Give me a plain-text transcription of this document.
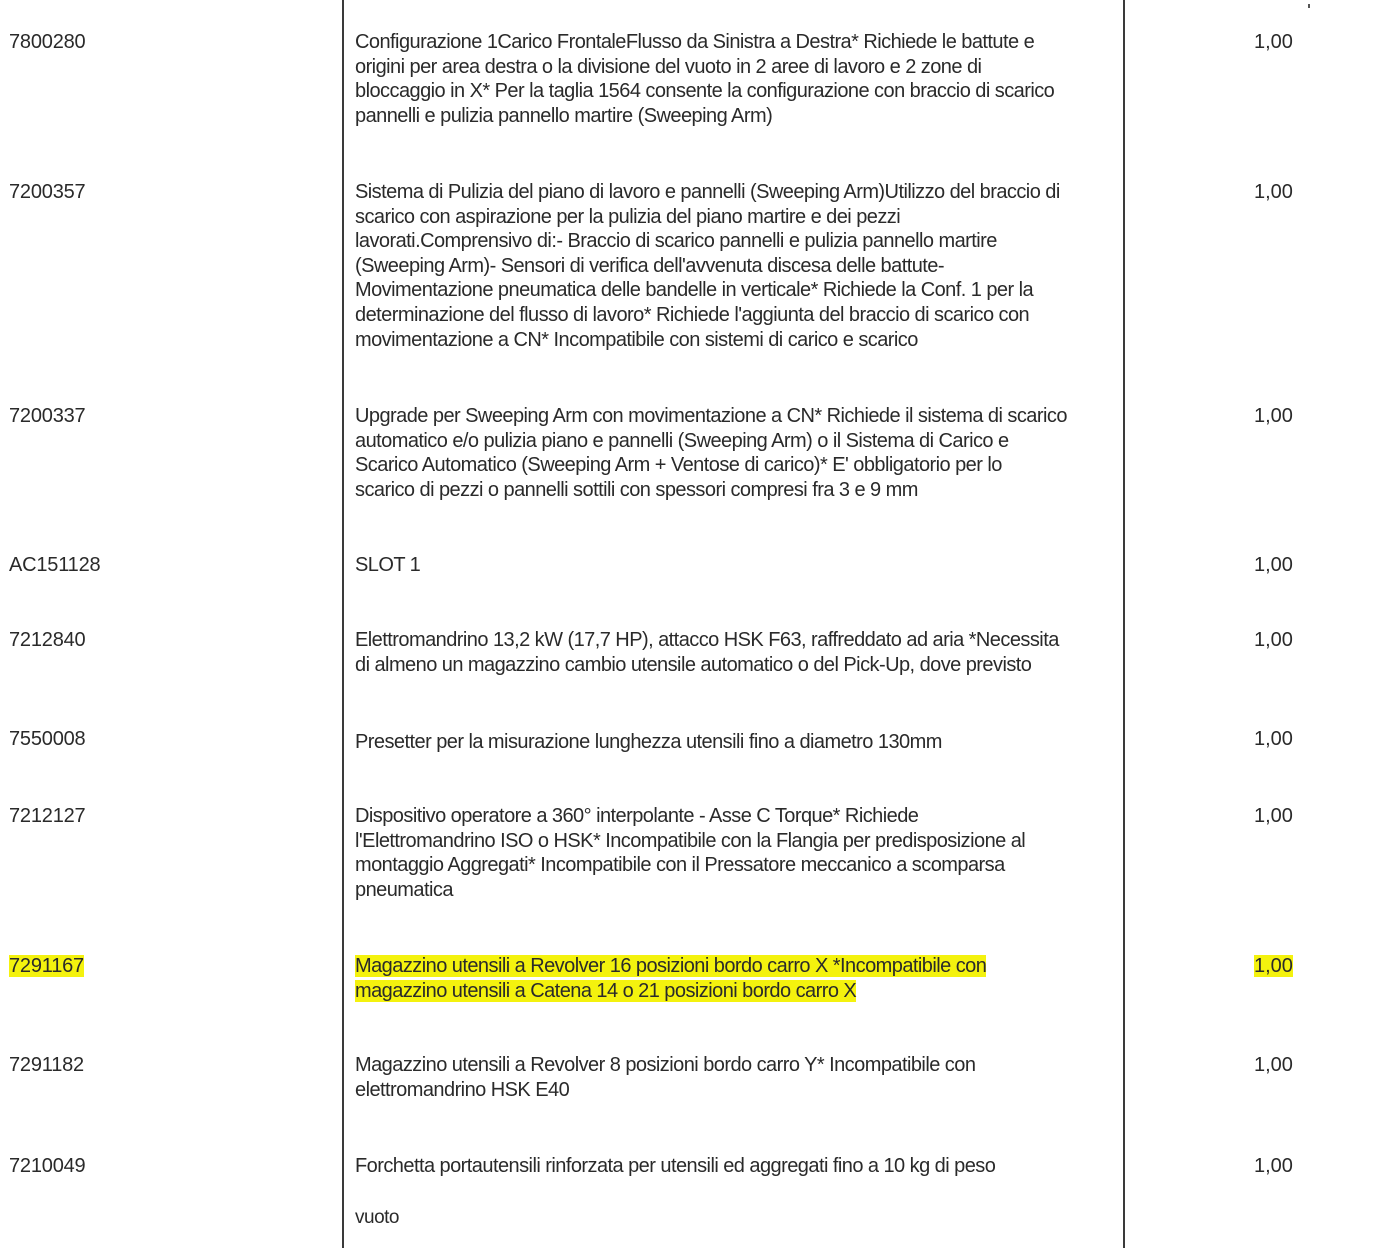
7800280	Configurazione 1Carico FrontaleFlusso da Sinistra a Destra* Richiede le battute e
origini per area destra o la divisione del vuoto in 2 aree di lavoro e 2 zone di
bloccaggio in X* Per la taglia 1564 consente la configurazione con braccio di scarico
pannelli e pulizia pannello martire (Sweeping Arm)
1,00
7200357	Sistema di Pulizia del piano di lavoro e pannelli (Sweeping Arm)Utilizzo del braccio di
scarico con aspirazione per la pulizia del piano martire e dei pezzi
lavorati.Comprensivo di:- Braccio di scarico pannelli e pulizia pannello martire
(Sweeping Arm)- Sensori di verifica dell'avvenuta discesa delle battute-
Movimentazione pneumatica delle bandelle in verticale* Richiede la Conf. 1 per la
determinazione del flusso di lavoro* Richiede l'aggiunta del braccio di scarico con
movimentazione a CN* Incompatibile con sistemi di carico e scarico
1,00
7200337	Upgrade per Sweeping Arm con movimentazione a CN* Richiede il sistema di scarico
automatico e/o pulizia piano e pannelli (Sweeping Arm) o il Sistema di Carico e
Scarico Automatico (Sweeping Arm + Ventose di carico)* E' obbligatorio per lo
scarico di pezzi o pannelli sottili con spessori compresi fra 3 e 9 mm
1,00
AC151128	SLOT 1	1,00
7212840	Elettromandrino 13,2 kW (17,7 HP), attacco HSK F63, raffreddato ad aria *Necessita
di almeno un magazzino cambio utensile automatico o del Pick-Up, dove previsto
1,00
7550008	Presetter per la misurazione lunghezza utensili fino a diametro 130mm	1,00
7212127	Dispositivo operatore a 360° interpolante - Asse C Torque* Richiede
l'Elettromandrino ISO o HSK* Incompatibile con la Flangia per predisposizione al
montaggio Aggregati* Incompatibile con il Pressatore meccanico a scomparsa
pneumatica
1,00
7291167	Magazzino utensili a Revolver 16 posizioni bordo carro X *Incompatibile con
magazzino utensili a Catena 14 o 21 posizioni bordo carro X
1,00
7291182	Magazzino utensili a Revolver 8 posizioni bordo carro Y* Incompatibile con
elettromandrino HSK E40
1,00
7210049	Forchetta portautensili rinforzata per utensili ed aggregati fino a 10 kg di peso	1,00
vuoto
